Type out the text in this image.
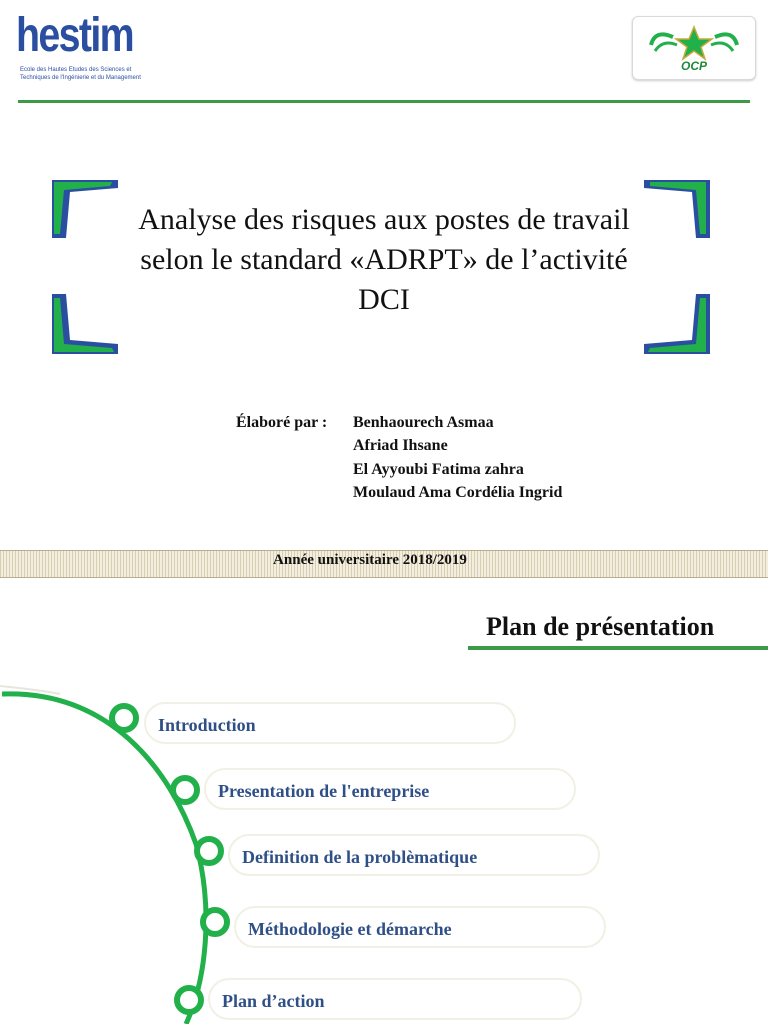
hestim
Ecole des Hautes Etudes des Sciences et Techniques de l'Ingénierie et du Management
OCP
Analyse des risques aux postes de travail selon le standard «ADRPT» de l’activité DCI
Élaboré par : Benhaourech Asmaa
Afriad Ihsane
El Ayyoubi Fatima zahra
Moulaud Ama Cordélia Ingrid
Année universitaire 2018/2019
Plan de présentation
Introduction
Presentation de l'entreprise
Definition de la problèmatique
Méthodologie et démarche
Plan d’action
